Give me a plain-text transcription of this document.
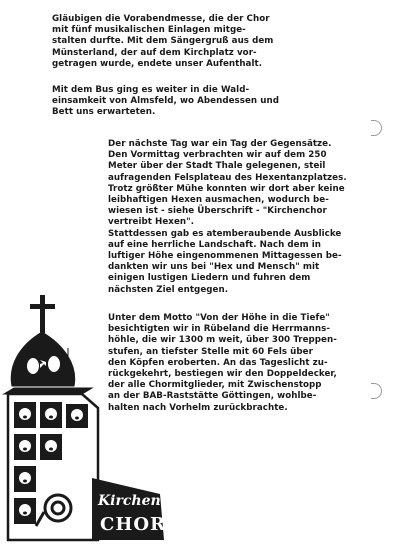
Gläubigen die Vorabendmesse, die der Chor
mit fünf musikalischen Einlagen mitge-
stalten durfte. Mit dem Sängergruß aus dem
Münsterland, der auf dem Kirchplatz vor-
getragen wurde, endete unser Aufenthalt.

Mit dem Bus ging es weiter in die Wald-
einsamkeit von Almsfeld, wo Abendessen und
Bett uns erwarteten.

Der nächste Tag war ein Tag der Gegensätze.
Den Vormittag verbrachten wir auf dem 250
Meter über der Stadt Thale gelegenen, steil
aufragenden Felsplateau des Hexentanzplatzes.
Trotz größter Mühe konnten wir dort aber keine
leibhaftigen Hexen ausmachen, wodurch be-
wiesen ist - siehe Überschrift - "Kirchenchor
vertreibt Hexen".
Stattdessen gab es atemberaubende Ausblicke
auf eine herrliche Landschaft. Nach dem in
luftiger Höhe eingenommenen Mittagessen be-
dankten wir uns bei "Hex und Mensch" mit
einigen lustigen Liedern und fuhren dem
nächsten Ziel entgegen.

Unter dem Motto "Von der Höhe in die Tiefe"
besichtigten wir in Rübeland die Herrmanns-
höhle, die wir 1300 m weit, über 300 Treppen-
stufen, an tiefster Stelle mit 60 Fels über
den Köpfen eroberten. An das Tageslicht zu-
rückgekehrt, bestiegen wir den Doppeldecker,
der alle Chormitglieder, mit Zwischenstopp
an der BAB-Raststätte Göttingen, wohlbe-
halten nach Vorhelm zurückbrachte.

Kirchen-
CHOR
